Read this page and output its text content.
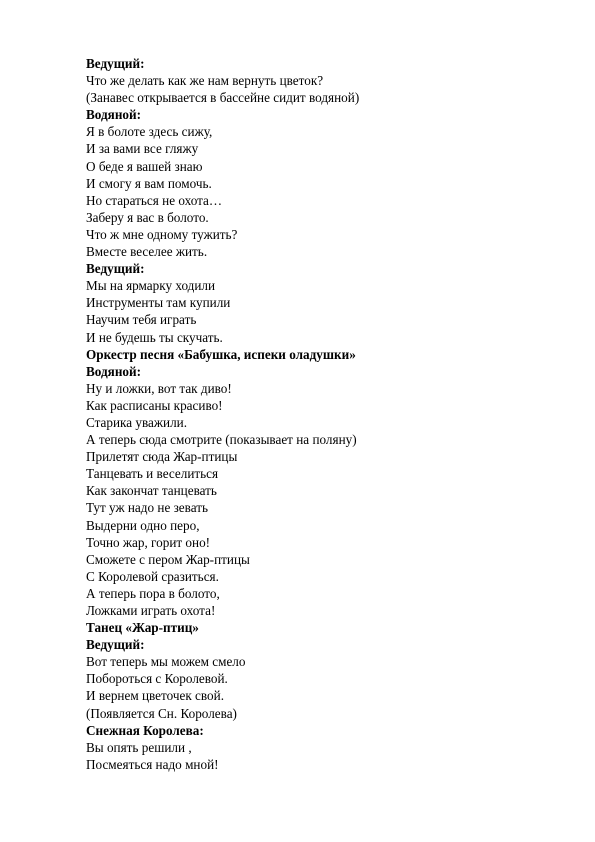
Ведущий:
Что же делать как же нам вернуть цветок?
(Занавес открывается в бассейне сидит водяной)
Водяной:
Я в болоте здесь сижу,
И за вами все гляжу
О беде я вашей знаю
И смогу я вам помочь.
Но стараться не охота…
Заберу я вас в болото.
Что ж мне одному тужить?
Вместе веселее жить.
Ведущий:
Мы на ярмарку ходили
Инструменты там купили
Научим тебя играть
И не будешь ты скучать.
Оркестр песня «Бабушка, испеки оладушки»
Водяной:
Ну и ложки, вот так диво!
Как расписаны красиво!
Старика уважили.
А теперь сюда смотрите (показывает на поляну)
Прилетят сюда Жар-птицы
Танцевать и веселиться
Как закончат танцевать
Тут уж надо не зевать
Выдерни одно перо,
Точно жар, горит оно!
Сможете с пером Жар-птицы
С Королевой сразиться.
А теперь пора в болото,
Ложками играть охота!
Танец «Жар-птиц»
Ведущий:
Вот теперь мы можем смело
Побороться с Королевой.
И вернем цветочек свой.
(Появляется Сн. Королева)
Снежная Королева:
Вы опять решили ,
Посмеяться надо мной!
